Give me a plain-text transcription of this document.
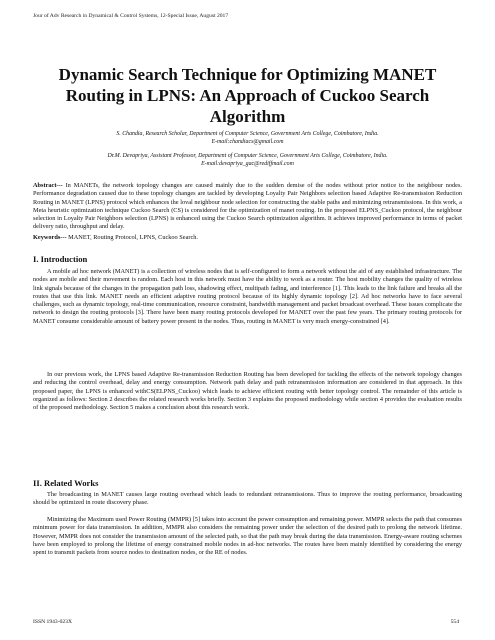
Jour of Adv Research in Dynamical & Control Systems, 12-Special Issue, August 2017
Dynamic Search Technique for Optimizing MANET Routing in LPNS: An Approach of Cuckoo Search Algorithm
S. Chandia, Research Scholar, Department of Computer Science, Government Arts College, Coimbatore, India.
E-mail:chandiacs@gmail.com
Dr.M. Devapriya, Assistant Professor, Department of Computer Science, Government Arts College, Coimbatore, India.
E-mail:devapriya_gac@rediffmail.com
Abstract--- In MANETs, the network topology changes are caused mainly due to the sudden demise of the nodes without prior notice to the neighbour nodes. Performance degradation caused due to these topology changes are tackled by developing Loyalty Pair Neighbors selection based Adaptive Re-transmission Reduction Routing in MANET (LPNS) protocol which enhances the loval neighbour node selection for constructing the stable paths and minimizing retransmissions. In this work, a Meta heuristic optimization technique Cuckoo Search (CS) is considered for the optimization of manet routing. In the proposed ELPNS_Cuckoo protocol, the neighbour selection in Loyalty Pair Neighbors selection (LPNS) is enhanced using the Cuckoo Search optimization algorithm. It achieves improved performance in terms of packet delivery ratio, throughput and delay.
Keywords--- MANET, Routing Protocol, LPNS, Cuckoo Search.
I. Introduction

A mobile ad hoc network (MANET) is a collection of wireless nodes that is self-configured to form a network without the aid of any established infrastructure. The nodes are mobile and their movement is random. Each host in this network must have the ability to work as a router. The host mobility changes the quality of wireless link signals because of the changes in the propagation path loss, shadowing effect, multipath fading, and interference [1]. This leads to the link failure and breaks all the routes that use this link. MANET needs an efficient adaptive routing protocol because of its highly dynamic topology [2]. Ad hoc networks have to face several challenges, such as dynamic topology, real-time communication, resource constraint, bandwidth management and packet broadcast overhead. These issues complicate the network to design the routing protocols [3]. There have been many routing protocols developed for MANET over the past few years. The primary routing protocols for MANET consume considerable amount of battery power present in the nodes. Thus, routing in MANET is very much energy-constrained [4].

In our previous work, the LPNS based Adaptive Re-transmission Reduction Routing has been developed for tackling the effects of the network topology changes and reducing the control overhead, delay and energy consumption. Network path delay and path retransmission information are considered in that approach. In this proposed paper, the LPNS is enhanced withCS(ELPNS_Cuckoo) which leads to achieve efficient routing with better topology control. The remainder of this article is organized as follows: Section 2 describes the related research works briefly. Section 3 explains the proposed methodology while section 4 provides the evaluation results of the proposed methodology. Section 5 makes a conclusion about this research work.

II. Related Works

The broadcasting in MANET causes large routing overhead which leads to redundant retransmissions. Thus to improve the routing performance, broadcasting should be optimized in route discovery phase.

Minimizing the Maximum used Power Routing (MMPR) [5] takes into account the power consumption and remaining power. MMPR selects the path that consumes minimum power for data transmission. In addition, MMPR also considers the remaining power under the selection of the desired path to prolong the network lifetime. However, MMPR does not consider the transmission amount of the selected path, so that the path may break during the data transmission. Energy-aware routing schemes have been employed to prolong the lifetime of energy constrained mobile nodes in ad-hoc networks. The routes have been mainly identified by considering the energy spent to transmit packets from source nodes to destination nodes, or the RE of nodes.

ISSN 1943-023X	554
